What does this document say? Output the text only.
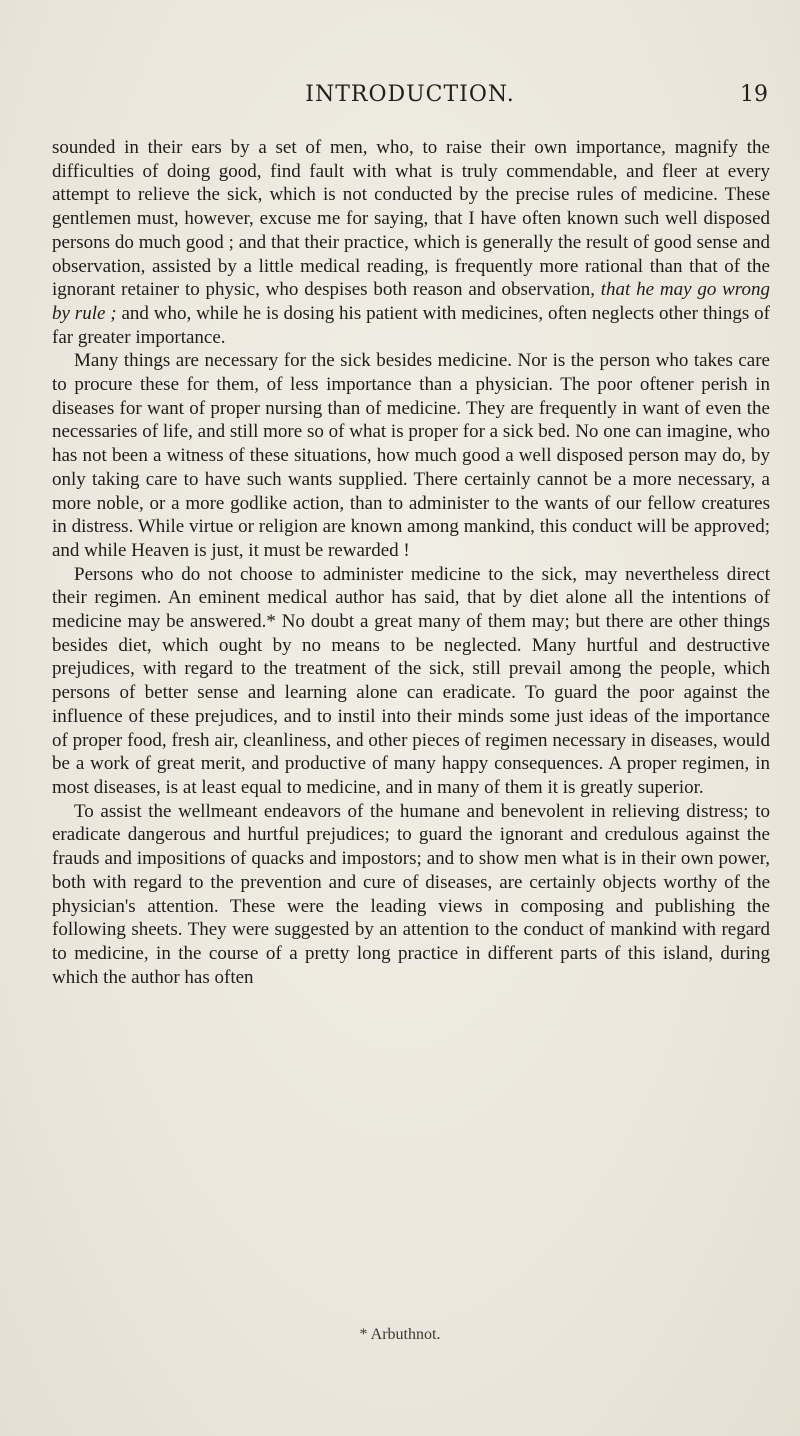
INTRODUCTION.	19

sounded in their ears by a set of men, who, to raise their own importance, magnify the difficulties of doing good, find fault with what is truly commendable, and fleer at every attempt to relieve the sick, which is not conducted by the precise rules of medicine. These gentlemen must, however, excuse me for saying, that I have often known such well disposed persons do much good ; and that their practice, which is generally the result of good sense and observation, assisted by a little medical reading, is frequently more rational than that of the ignorant retainer to physic, who despises both reason and observation, that he may go wrong by rule ; and who, while he is dosing his patient with medicines, often neglects other things of far greater importance.

Many things are necessary for the sick besides medicine. Nor is the person who takes care to procure these for them, of less importance than a physician. The poor oftener perish in diseases for want of proper nursing than of medicine. They are frequently in want of even the necessaries of life, and still more so of what is proper for a sick bed. No one can imagine, who has not been a witness of these situations, how much good a well disposed person may do, by only taking care to have such wants supplied. There certainly cannot be a more necessary, a more noble, or a more godlike action, than to administer to the wants of our fellow creatures in distress. While virtue or religion are known among mankind, this conduct will be approved; and while Heaven is just, it must be rewarded !

Persons who do not choose to administer medicine to the sick, may nevertheless direct their regimen. An eminent medical author has said, that by diet alone all the intentions of medicine may be answered.* No doubt a great many of them may; but there are other things besides diet, which ought by no means to be neglected. Many hurtful and destructive prejudices, with regard to the treatment of the sick, still prevail among the people, which persons of better sense and learning alone can eradicate. To guard the poor against the influence of these prejudices, and to instil into their minds some just ideas of the importance of proper food, fresh air, cleanliness, and other pieces of regimen necessary in diseases, would be a work of great merit, and productive of many happy consequences. A proper regimen, in most diseases, is at least equal to medicine, and in many of them it is greatly superior.

To assist the wellmeant endeavors of the humane and benevolent in relieving distress; to eradicate dangerous and hurtful prejudices; to guard the ignorant and credulous against the frauds and impositions of quacks and impostors; and to show men what is in their own power, both with regard to the prevention and cure of diseases, are certainly objects worthy of the physician's attention. These were the leading views in composing and publishing the following sheets. They were suggested by an attention to the conduct of mankind with regard to medicine, in the course of a pretty long practice in different parts of this island, during which the author has often

* Arbuthnot.
